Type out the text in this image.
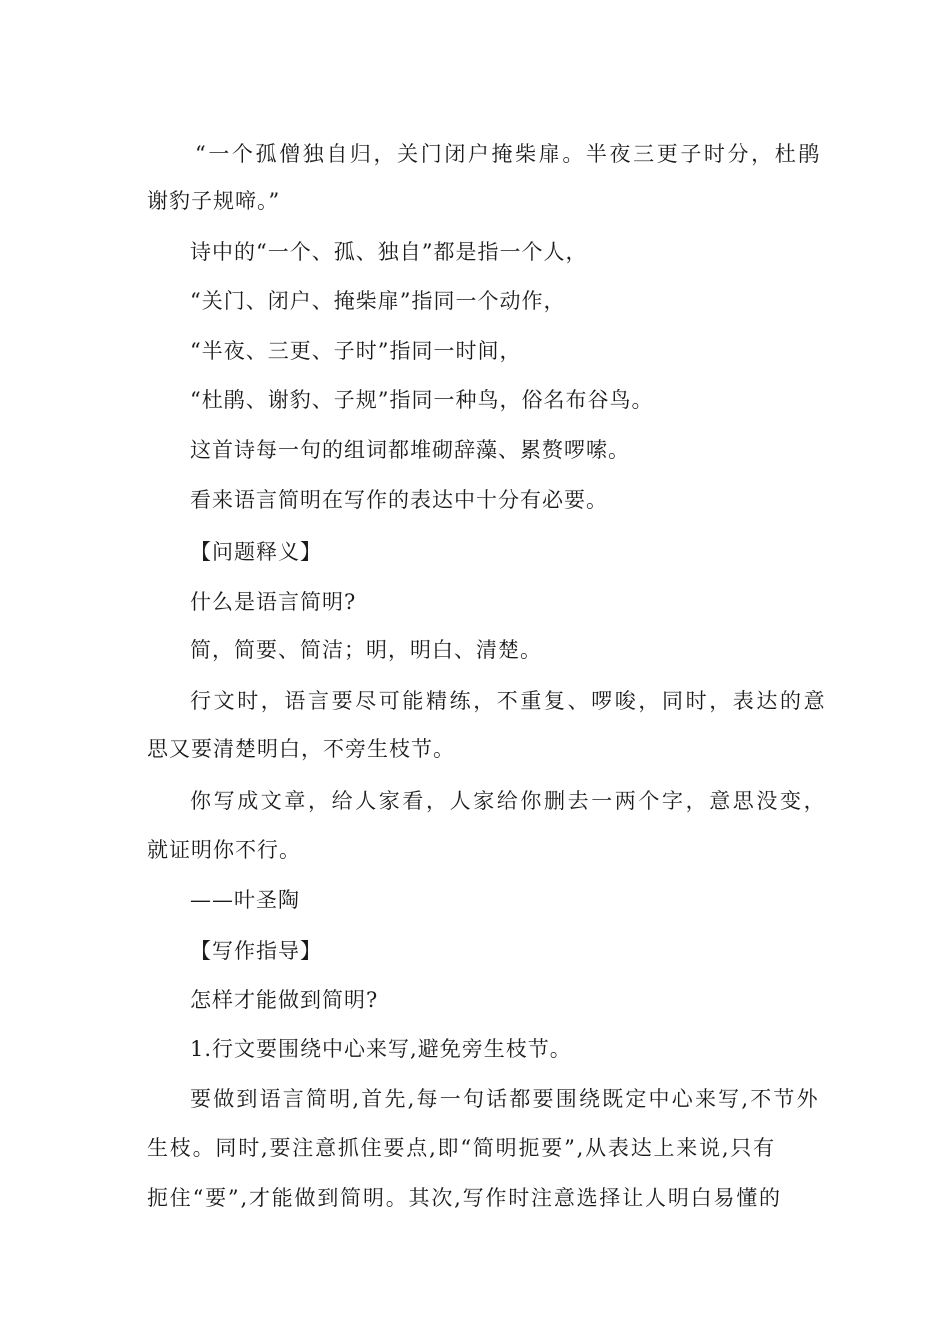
“一个孤僧独自归，关门闭户掩柴扉。半夜三更子时分，杜鹃
谢豹子规啼。”
诗中的“一个、孤、独自”都是指一个人，
“关门、闭户、掩柴扉”指同一个动作，
“半夜、三更、子时”指同一时间，
“杜鹃、谢豹、子规”指同一种鸟，俗名布谷鸟。
这首诗每一句的组词都堆砌辞藻、累赘啰嗦。
看来语言简明在写作的表达中十分有必要。
【问题释义】
什么是语言简明?
简，简要、简洁；明，明白、清楚。
行文时，语言要尽可能精练，不重复、啰唆，同时，表达的意
思又要清楚明白，不旁生枝节。
你写成文章，给人家看，人家给你删去一两个字，意思没变，
就证明你不行。
——叶圣陶
【写作指导】
怎样才能做到简明?
1.行文要围绕中心来写,避免旁生枝节。
要做到语言简明,首先,每一句话都要围绕既定中心来写,不节外
生枝。同时,要注意抓住要点,即“简明扼要”,从表达上来说,只有
扼住“要”,才能做到简明。其次,写作时注意选择让人明白易懂的
